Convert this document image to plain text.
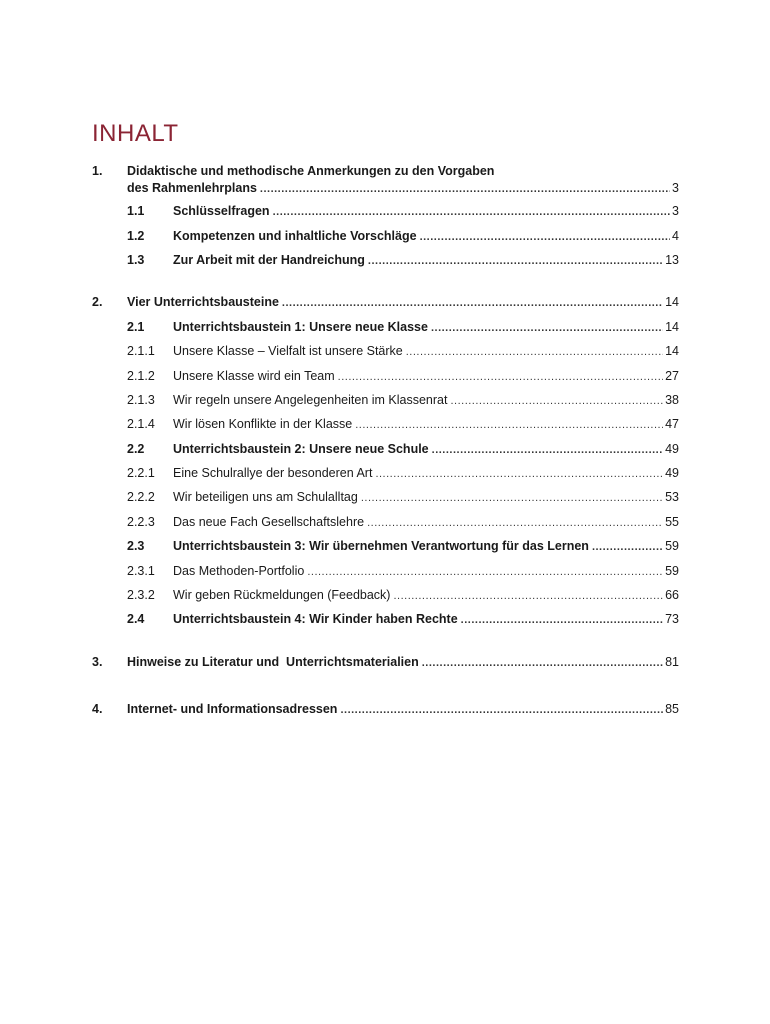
INHALT
1. Didaktische und methodische Anmerkungen zu den Vorgaben
des Rahmenlehrplans .....	3
1.1 Schlüsselfragen .....	3
1.2 Kompetenzen und inhaltliche Vorschläge .....	4
1.3 Zur Arbeit mit der Handreichung .....	13
2. Vier Unterrichtsbausteine .....	14
2.1 Unterrichtsbaustein 1: Unsere neue Klasse .....	14
2.1.1 Unsere Klasse – Vielfalt ist unsere Stärke .....	14
2.1.2 Unsere Klasse wird ein Team .....	27
2.1.3 Wir regeln unsere Angelegenheiten im Klassenrat .....	38
2.1.4 Wir lösen Konflikte in der Klasse .....	47
2.2 Unterrichtsbaustein 2: Unsere neue Schule .....	49
2.2.1 Eine Schulrallye der besonderen Art .....	49
2.2.2 Wir beteiligen uns am Schulalltag .....	53
2.2.3 Das neue Fach Gesellschaftslehre .....	55
2.3 Unterrichtsbaustein 3: Wir übernehmen Verantwortung für das Lernen .....	59
2.3.1 Das Methoden-Portfolio .....	59
2.3.2 Wir geben Rückmeldungen (Feedback) .....	66
2.4 Unterrichtsbaustein 4: Wir Kinder haben Rechte .....	73
3. Hinweise zu Literatur und  Unterrichtsmaterialien .....	81
4. Internet- und Informationsadressen .....	85
